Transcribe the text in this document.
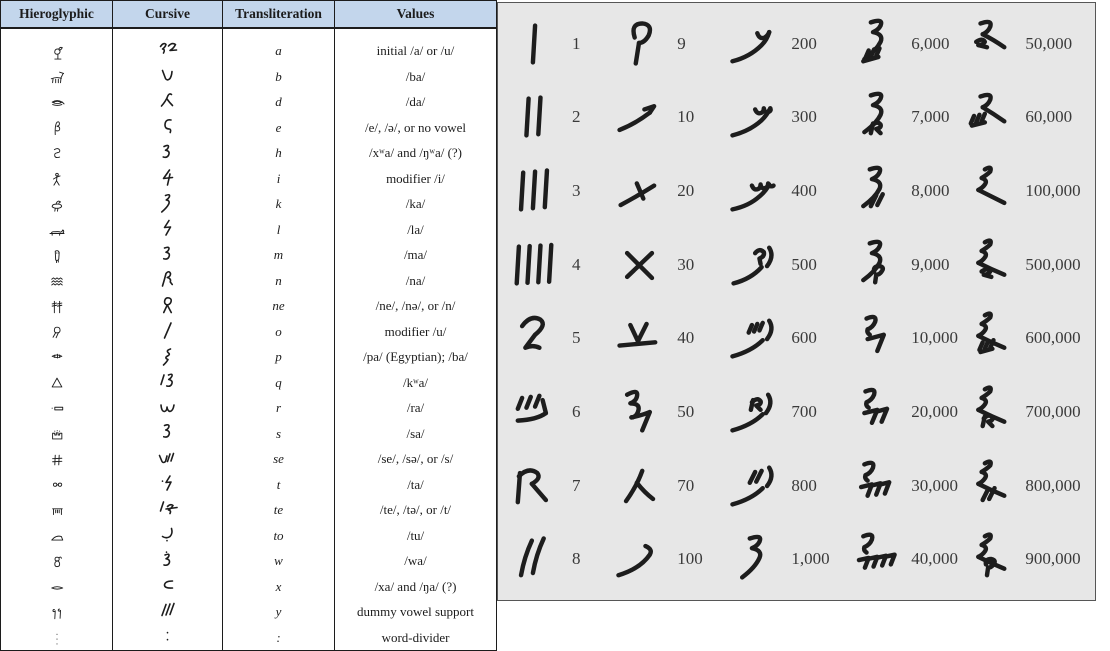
Hieroglyphic	Cursive	Transliteration	Values
		a	initial /a/ or /u/
		b	/ba/
		d	/da/
		e	/e/, /ə/, or no vowel
		h	/xʷa/ and /ŋʷa/ (?)
		i	modifier /i/
		k	/ka/
		l	/la/
		m	/ma/
		n	/na/
		ne	/ne/, /nə/, or /n/
		o	modifier /u/
		p	/pa/ (Egyptian); /ba/
		q	/kʷa/
		r	/ra/
		s	/sa/
		se	/se/, /sə/, or /s/
		t	/ta/
		te	/te/, /tə/, or /t/
		to	/tu/
		w	/wa/
		x	/xa/ and /ŋa/ (?)
		y	dummy vowel support
		:	word-divider
1	9	200	6,000	50,000
2	10	300	7,000	60,000
3	20	400	8,000	100,000
4	30	500	9,000	500,000
5	40	600	10,000	600,000
6	50	700	20,000	700,000
7	70	800	30,000	800,000
8	100	1,000	40,000	900,000
